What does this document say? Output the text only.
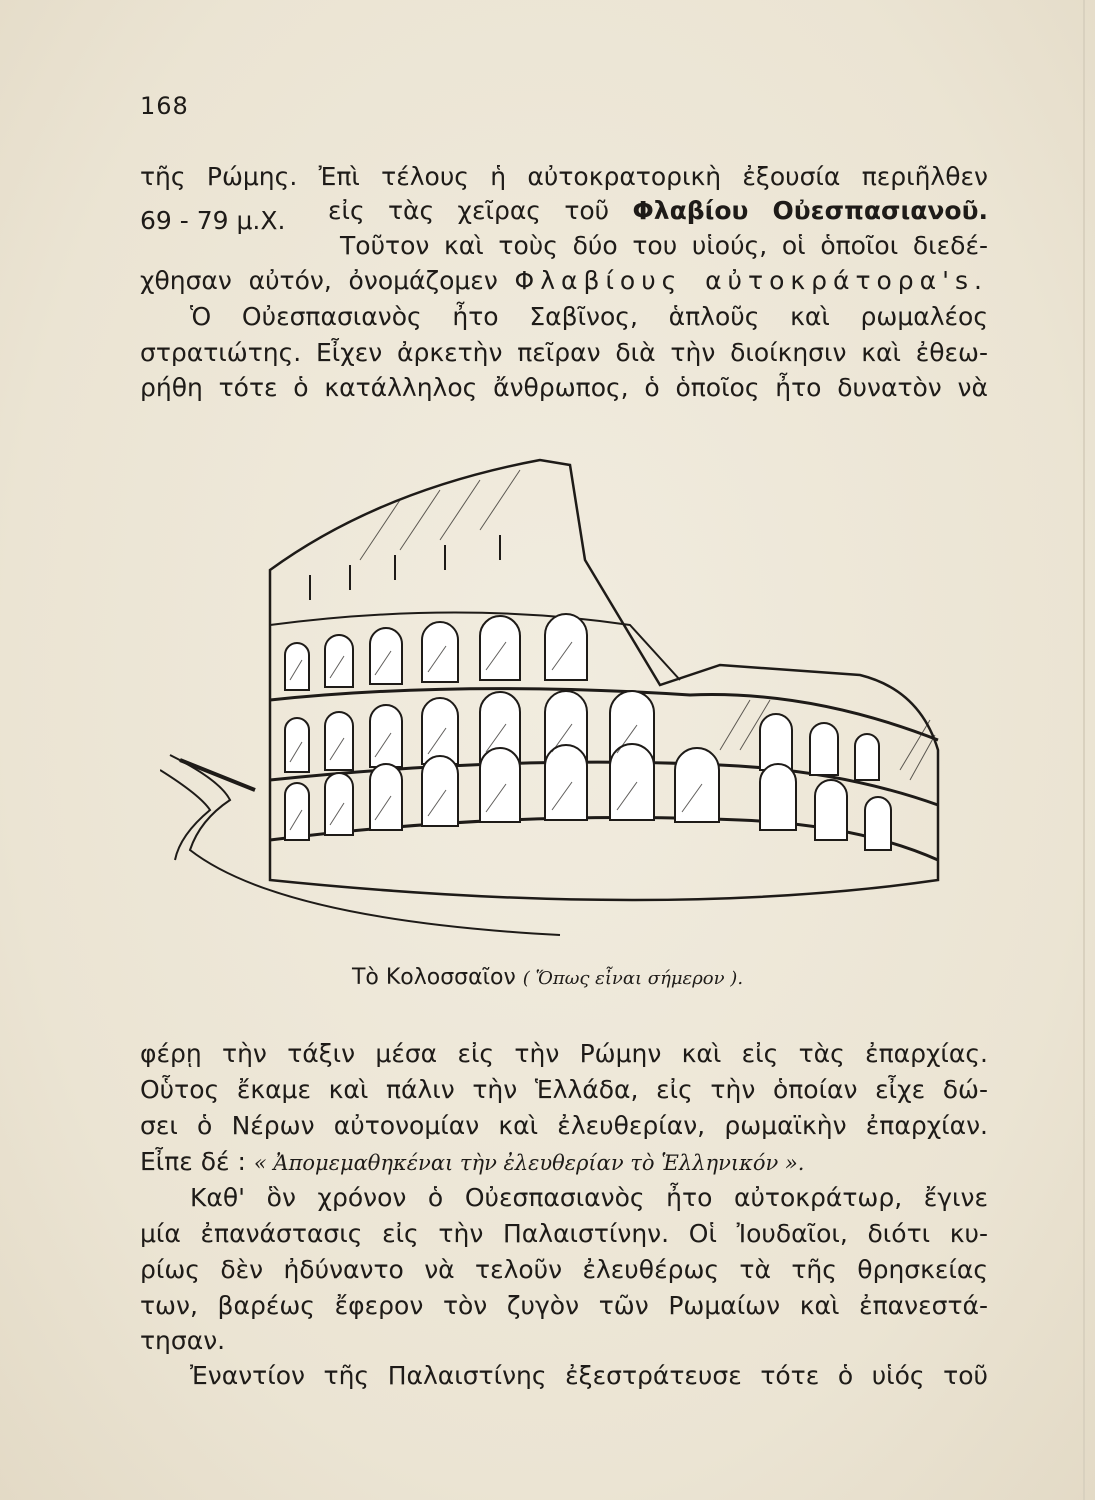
168
τῆς Ρώμης. Ἐπὶ τέλους ἡ αὐτοκρατορικὴ ἐξουσία περιῆλθεν
69 - 79 μ.Χ. εἰς τὰς χεῖρας τοῦ Φλαβίου Οὐεσπασιανοῦ.
Τοῦτον καὶ τοὺς δύο του υἱούς, οἱ ὁποῖοι διεδέ-
χθησαν αὐτόν, ὀνομάζομεν Φλαβίους αὐτοκράτορα's.
Ὁ Οὐεσπασιανὸς ἦτο Σαβῖνος, ἁπλοῦς καὶ ρωμαλέος
στρατιώτης. Εἶχεν ἀρκετὴν πεῖραν διὰ τὴν διοίκησιν καὶ ἐθεω-
ρήθη τότε ὁ κατάλληλος ἄνθρωπος, ὁ ὁποῖος ἦτο δυνατὸν νὰ
Τὸ Κολοσσαῖον ( Ὅπως εἶναι σήμερον ).
φέρῃ τὴν τάξιν μέσα εἰς τὴν Ρώμην καὶ εἰς τὰς ἐπαρχίας.
Οὗτος ἔκαμε καὶ πάλιν τὴν Ἑλλάδα, εἰς τὴν ὁποίαν εἶχε δώ-
σει ὁ Νέρων αὐτονομίαν καὶ ἐλευθερίαν, ρωμαϊκὴν ἐπαρχίαν.
Εἶπε δέ : « Ἀπομεμαθηκέναι τὴν ἐλευθερίαν τὸ Ἑλληνικόν ».
Καθ' ὃν χρόνον ὁ Οὐεσπασιανὸς ἦτο αὐτοκράτωρ, ἔγινε
μία ἐπανάστασις εἰς τὴν Παλαιστίνην. Οἱ Ἰουδαῖοι, διότι κυ-
ρίως δὲν ἠδύναντο νὰ τελοῦν ἐλευθέρως τὰ τῆς θρησκείας
των, βαρέως ἔφερον τὸν ζυγὸν τῶν Ρωμαίων καὶ ἐπανεστά-
τησαν.
Ἐναντίον τῆς Παλαιστίνης ἐξεστράτευσε τότε ὁ υἱός τοῦ
